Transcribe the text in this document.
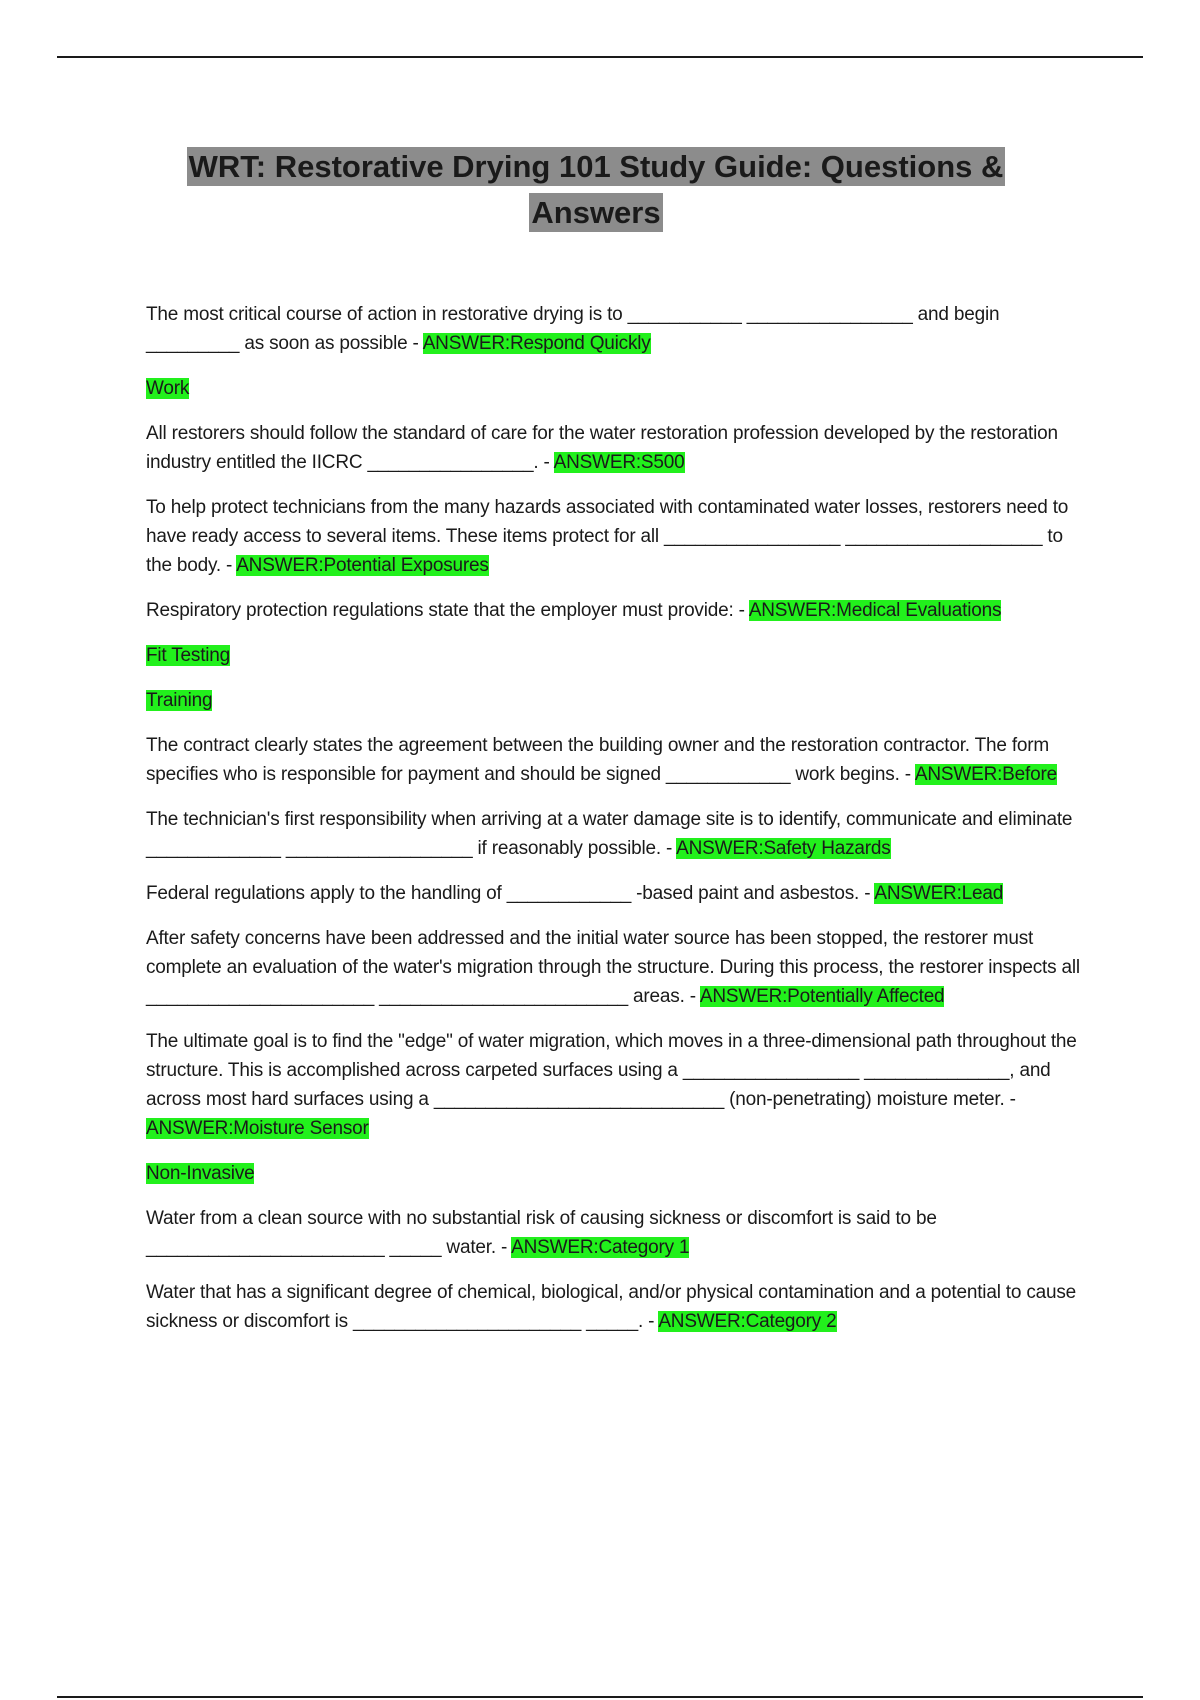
WRT: Restorative Drying 101 Study Guide: Questions & Answers

The most critical course of action in restorative drying is to ___________ ________________ and begin _________ as soon as possible - ANSWER:Respond Quickly

Work

All restorers should follow the standard of care for the water restoration profession developed by the restoration industry entitled the IICRC ________________. - ANSWER:S500

To help protect technicians from the many hazards associated with contaminated water losses, restorers need to have ready access to several items. These items protect for all _________________ ___________________ to the body. - ANSWER:Potential Exposures

Respiratory protection regulations state that the employer must provide: - ANSWER:Medical Evaluations

Fit Testing

Training

The contract clearly states the agreement between the building owner and the restoration contractor. The form specifies who is responsible for payment and should be signed ____________ work begins. - ANSWER:Before

The technician's first responsibility when arriving at a water damage site is to identify, communicate and eliminate _____________ __________________ if reasonably possible. - ANSWER:Safety Hazards

Federal regulations apply to the handling of ____________ -based paint and asbestos. - ANSWER:Lead

After safety concerns have been addressed and the initial water source has been stopped, the restorer must complete an evaluation of the water's migration through the structure. During this process, the restorer inspects all ______________________ ________________________ areas. - ANSWER:Potentially Affected

The ultimate goal is to find the "edge" of water migration, which moves in a three-dimensional path throughout the structure. This is accomplished across carpeted surfaces using a _________________ ______________, and across most hard surfaces using a ____________________________ (non-penetrating) moisture meter. - ANSWER:Moisture Sensor

Non-Invasive

Water from a clean source with no substantial risk of causing sickness or discomfort is said to be _______________________ _____ water. - ANSWER:Category 1

Water that has a significant degree of chemical, biological, and/or physical contamination and a potential to cause sickness or discomfort is ______________________ _____. - ANSWER:Category 2
